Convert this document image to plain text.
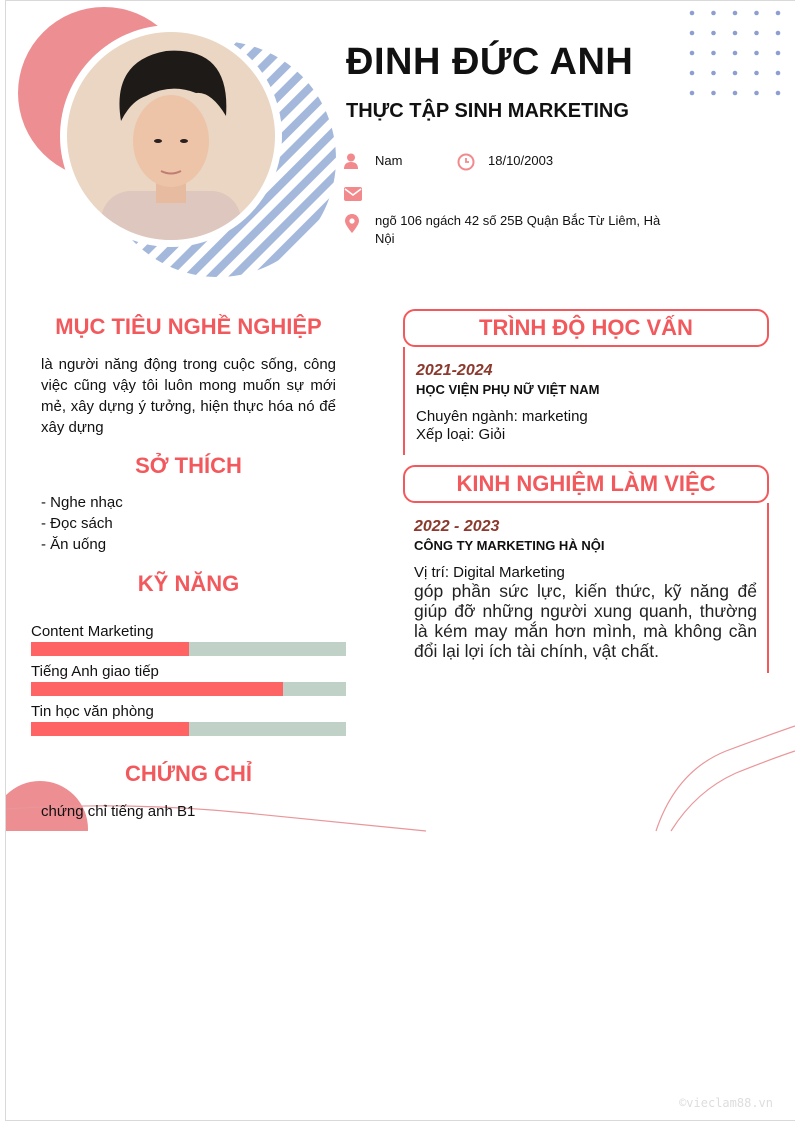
ĐINH ĐỨC ANH
THỰC TẬP SINH MARKETING
Nam	18/10/2003
ngõ 106 ngách 42 số 25B Quận Bắc Từ Liêm, Hà Nội
MỤC TIÊU NGHỀ NGHIỆP
là người năng động trong cuộc sống, công việc cũng vậy tôi luôn mong muốn sự mới mẻ, xây dựng ý tưởng, hiện thực hóa nó để xây dựng
SỞ THÍCH
- Nghe nhạc
- Đọc sách
- Ăn uống
KỸ NĂNG
Content Marketing
Tiếng Anh giao tiếp
Tin học văn phòng
CHỨNG CHỈ
chứng chỉ tiếng anh B1
TRÌNH ĐỘ HỌC VẤN
2021-2024
HỌC VIỆN PHỤ NỮ VIỆT NAM
Chuyên ngành: marketing
Xếp loại: Giỏi
KINH NGHIỆM LÀM VIỆC
2022 - 2023
CÔNG TY MARKETING HÀ NỘI
Vị trí: Digital Marketing
góp phần sức lực, kiến thức, kỹ năng để giúp đỡ những người xung quanh, thường là kém may mắn hơn mình, mà không cần đổi lại lợi ích tài chính, vật chất.
©vieclam88.vn
